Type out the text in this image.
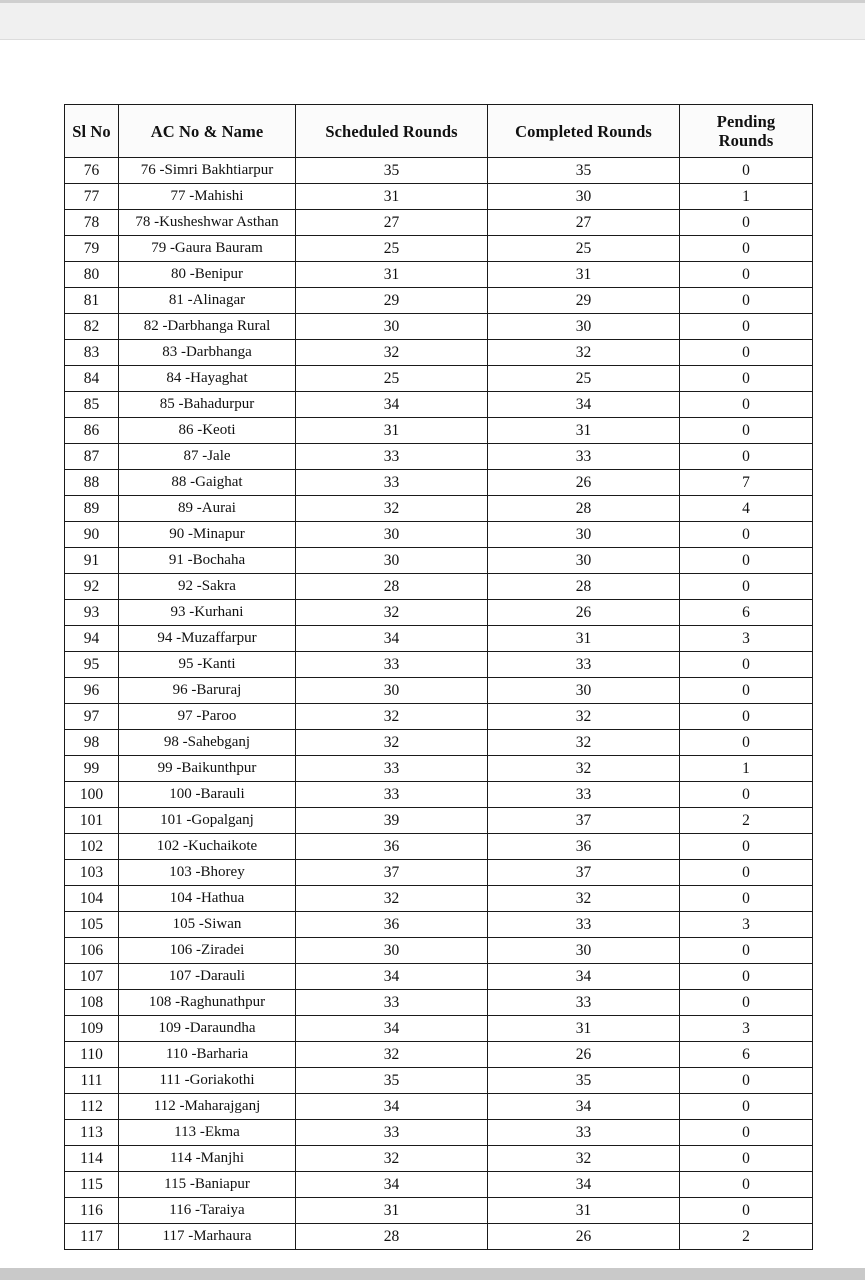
Sl No	AC No & Name	Scheduled Rounds	Completed Rounds	Pending
Rounds

76	76 -Simri Bakhtiarpur	35	35	0
77	77 -Mahishi	31	30	1
78	78 -Kusheshwar Asthan	27	27	0
79	79 -Gaura Bauram	25	25	0
80	80 -Benipur	31	31	0
81	81 -Alinagar	29	29	0
82	82 -Darbhanga Rural	30	30	0
83	83 -Darbhanga	32	32	0
84	84 -Hayaghat	25	25	0
85	85 -Bahadurpur	34	34	0
86	86 -Keoti	31	31	0
87	87 -Jale	33	33	0
88	88 -Gaighat	33	26	7
89	89 -Aurai	32	28	4
90	90 -Minapur	30	30	0
91	91 -Bochaha	30	30	0
92	92 -Sakra	28	28	0
93	93 -Kurhani	32	26	6
94	94 -Muzaffarpur	34	31	3
95	95 -Kanti	33	33	0
96	96 -Baruraj	30	30	0
97	97 -Paroo	32	32	0
98	98 -Sahebganj	32	32	0
99	99 -Baikunthpur	33	32	1
100	100 -Barauli	33	33	0
101	101 -Gopalganj	39	37	2
102	102 -Kuchaikote	36	36	0
103	103 -Bhorey	37	37	0
104	104 -Hathua	32	32	0
105	105 -Siwan	36	33	3
106	106 -Ziradei	30	30	0
107	107 -Darauli	34	34	0
108	108 -Raghunathpur	33	33	0
109	109 -Daraundha	34	31	3
110	110 -Barharia	32	26	6
111	111 -Goriakothi	35	35	0
112	112 -Maharajganj	34	34	0
113	113 -Ekma	33	33	0
114	114 -Manjhi	32	32	0
115	115 -Baniapur	34	34	0
116	116 -Taraiya	31	31	0
117	117 -Marhaura	28	26	2
